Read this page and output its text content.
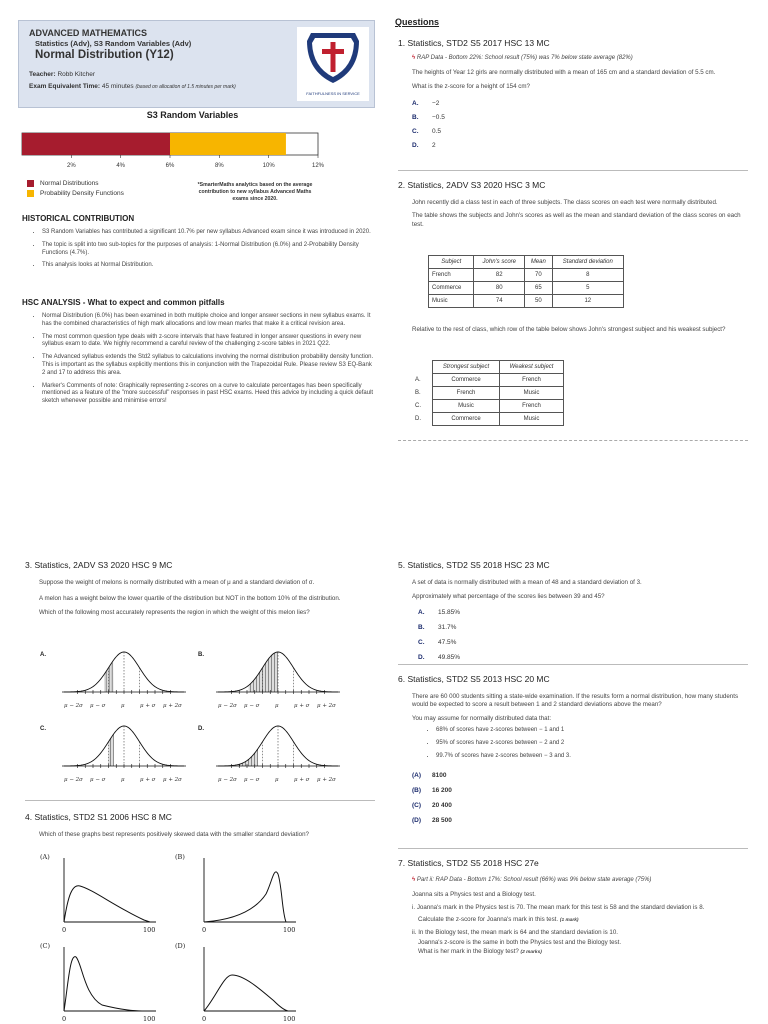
ADVANCED MATHEMATICS
Statistics (Adv), S3 Random Variables (Adv)
Normal Distribution (Y12)
Teacher: Robb Kitcher
Exam Equivalent Time: 45 minutes (based on allocation of 1.5 minutes per mark)
FAITHFULNESS IN SERVICE
S3 Random Variables
2%	4%	6%	8%	10%	12%
Normal Distributions
Probability Density Functions
*SmarterMaths analytics based on the average contribution to new syllabus Advanced Maths exams since 2020.
HISTORICAL CONTRIBUTION
• S3 Random Variables has contributed a significant 10.7% per new syllabus Advanced exam since it was introduced in 2020.
• The topic is split into two sub-topics for the purposes of analysis: 1-Normal Distribution (6.0%) and 2-Probability Density Functions (4.7%).
• This analysis looks at Normal Distribution.
HSC ANALYSIS - What to expect and common pitfalls
• Normal Distribution (6.0%) has been examined in both multiple choice and longer answer sections in new syllabus exams. It has the combined characteristics of high mark allocations and low mean marks that make it a critical revision area.
• The most common question type deals with z-score intervals that have featured in longer answer questions in every new syllabus exam to date. We highly recommend a careful review of the challenging z-score tables in 2021 Q22.
• The Advanced syllabus extends the Std2 syllabus to calculations involving the normal distribution probability density function. This is important as the syllabus explicitly mentions this in conjunction with the Trapezoidal Rule. Please review S3 EQ-Bank 2 and 17 to address this area.
• Marker's Comments of note: Graphically representing z-scores on a curve to calculate percentages has been specifically mentioned as a feature of the "more successful" responses in past HSC exams. Heed this advice by including a quick default sketch whenever possible and minimise errors!
Questions
1. Statistics, STD2 S5 2017 HSC 13 MC
ϟ RAP Data - Bottom 22%: School result (75%) was 7% below state average (82%)

The heights of Year 12 girls are normally distributed with a mean of 165 cm and a standard deviation of 5.5 cm.

What is the z-score for a height of 154 cm?

A. −2
B. −0.5
C. 0.5
D. 2
2. Statistics, 2ADV S3 2020 HSC 3 MC

John recently did a class test in each of three subjects. The class scores on each test were normally distributed.

The table shows the subjects and John's scores as well as the mean and standard deviation of the class scores on each test.

Subject	John's score	Mean	Standard deviation
French	82	70	8
Commerce	80	65	5
Music	74	50	12

Relative to the rest of class, which row of the table below shows John's strongest subject and his weakest subject?

	Strongest subject	Weakest subject
A.	Commerce	French
B.	French	Music
C.	Music	French
D.	Commerce	Music
3. Statistics, 2ADV S3 2020 HSC 9 MC

Suppose the weight of melons is normally distributed with a mean of μ and a standard deviation of σ.

A melon has a weight below the lower quartile of the distribution but NOT in the bottom 10% of the distribution.

Which of the following most accurately represents the region in which the weight of this melon lies?

A.	B.
C.	D.
μ − 2σ μ − σ	μ	μ + σ μ + 2σ	μ − 2σ μ − σ	μ	μ + σ μ + 2σ
μ − 2σ μ − σ	μ	μ + σ μ + 2σ	μ − 2σ μ − σ	μ	μ + σ μ + 2σ
4. Statistics, STD2 S1 2006 HSC 8 MC

Which of these graphs best represents positively skewed data with the smaller standard deviation?

(A)	(B)
(C)	(D)
0	100	0	100
0	100	0	100
5. Statistics, STD2 S5 2018 HSC 23 MC

A set of data is normally distributed with a mean of 48 and a standard deviation of 3.

Approximately what percentage of the scores lies between 39 and 45?

A. 15.85%
B. 31.7%
C. 47.5%
D. 49.85%
6. Statistics, STD2 S5 2013 HSC 20 MC

There are 60 000 students sitting a state-wide examination. If the results form a normal distribution, how many students would be expected to score a result between 1 and 2 standard deviations above the mean?

You may assume for normally distributed data that:

• 68% of scores have z-scores between − 1 and 1
• 95% of scores have z-scores between − 2 and 2
• 99.7% of scores have z-scores between − 3 and 3.
(A) 8100
(B) 16 200
(C) 20 400
(D) 28 500
7. Statistics, STD2 S5 2018 HSC 27e
ϟ Part ii: RAP Data - Bottom 17%: School result (66%) was 9% below state average (75%)

Joanna sits a Physics test and a Biology test.

i. Joanna's mark in the Physics test is 70. The mean mark for this test is 58 and the standard deviation is 8.

Calculate the z-score for Joanna's mark in this test. (1 mark)

ii. In the Biology test, the mean mark is 64 and the standard deviation is 10.

Joanna's z-score is the same in both the Physics test and the Biology test.

What is her mark in the Biology test? (2 marks)
